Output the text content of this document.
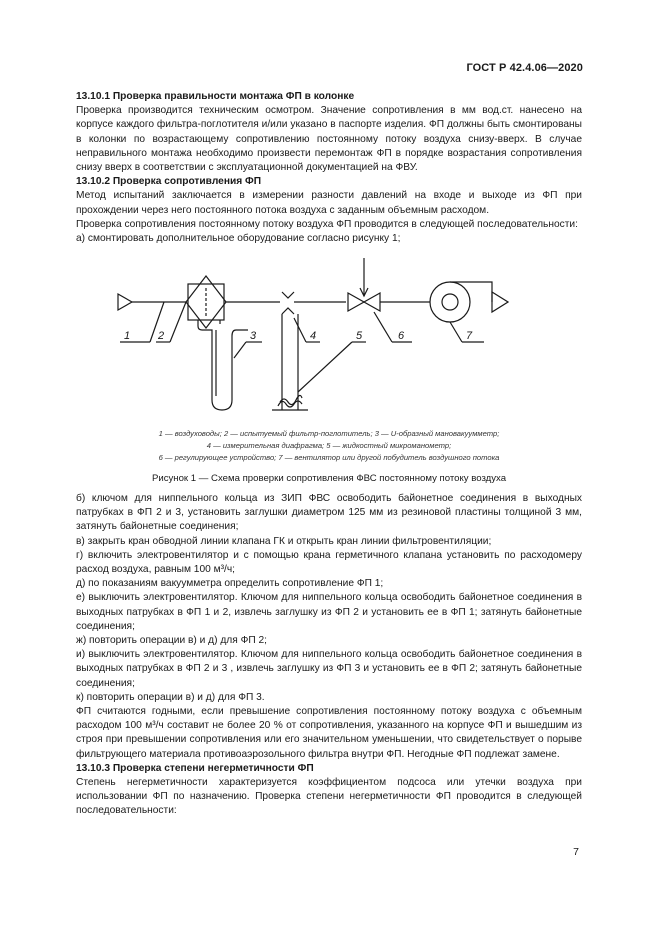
ГОСТ Р 42.4.06—2020

13.10.1 Проверка правильности монтажа ФП в колонке

Проверка производится техническим осмотром. Значение сопротивления в мм вод.ст. нанесено на корпусе каждого фильтра-поглотителя и/или указано в паспорте изделия. ФП должны быть смонтированы в колонки по возрастающему сопротивлению постоянному потоку воздуха снизу-вверх. В случае неправильного монтажа необходимо произвести перемонтаж ФП в порядке возрастания сопротивления снизу вверх в соответствии с эксплуатационной документацией на ФВУ.

13.10.2 Проверка сопротивления ФП

Метод испытаний заключается в измерении разности давлений на входе и выходе из ФП при прохождении через него постоянного потока воздуха с заданным объемным расходом.

Проверка сопротивления постоянному потоку воздуха ФП проводится в следующей последовательности:

а) смонтировать дополнительное оборудование согласно рисунку 1;

1	2	3	4	5	6	7
1 — воздуховоды; 2 — испытуемый фильтр-поглотитель; 3 — U-образный мановакуумметр;
4 — измерительная диафрагма; 5 — жидкостный микроманометр;
6 — регулирующее устройство; 7 — вентилятор или другой побудитель воздушного потока
Рисунок 1 — Схема проверки сопротивления ФВС постоянному потоку воздуха

б) ключом для ниппельного кольца из ЗИП ФВС освободить байонетное соединения в выходных патрубках в ФП 2 и 3, установить заглушки диаметром 125 мм из резиновой пластины толщиной 3 мм, затянуть байонетные соединения;

в) закрыть кран обводной линии клапана ГК и открыть кран линии фильтровентиляции;

г) включить электровентилятор и с помощью крана герметичного клапана установить по расходомеру расход воздуха, равным 100 м³/ч;

д) по показаниям вакуумметра определить сопротивление ФП 1;

е) выключить электровентилятор. Ключом для ниппельного кольца освободить байонетное соединения в выходных патрубках в ФП 1 и 2, извлечь заглушку из ФП 2 и установить ее в ФП 1; затянуть байонетные соединения;

ж) повторить операции в) и д) для ФП 2;

и) выключить электровентилятор. Ключом для ниппельного кольца освободить байонетное соединения в выходных патрубках в ФП 2 и 3 , извлечь заглушку из ФП 3 и установить ее в ФП 2; затянуть байонетные соединения;

к) повторить операции в) и д) для ФП 3.

ФП считаются годными, если превышение сопротивления постоянному потоку воздуха с объемным расходом 100 м³/ч составит не более 20 % от сопротивления, указанного на корпусе ФП и вышедшим из строя при превышении сопротивления или его значительном уменьшении, что свидетельствует о порыве фильтрующего материала противоаэрозольного фильтра внутри ФП. Негодные ФП подлежат замене.

13.10.3 Проверка степени негерметичности ФП

Степень негерметичности характеризуется коэффициентом подсоса или утечки воздуха при использовании ФП по назначению. Проверка степени негерметичности ФП проводится в следующей последовательности:

7
